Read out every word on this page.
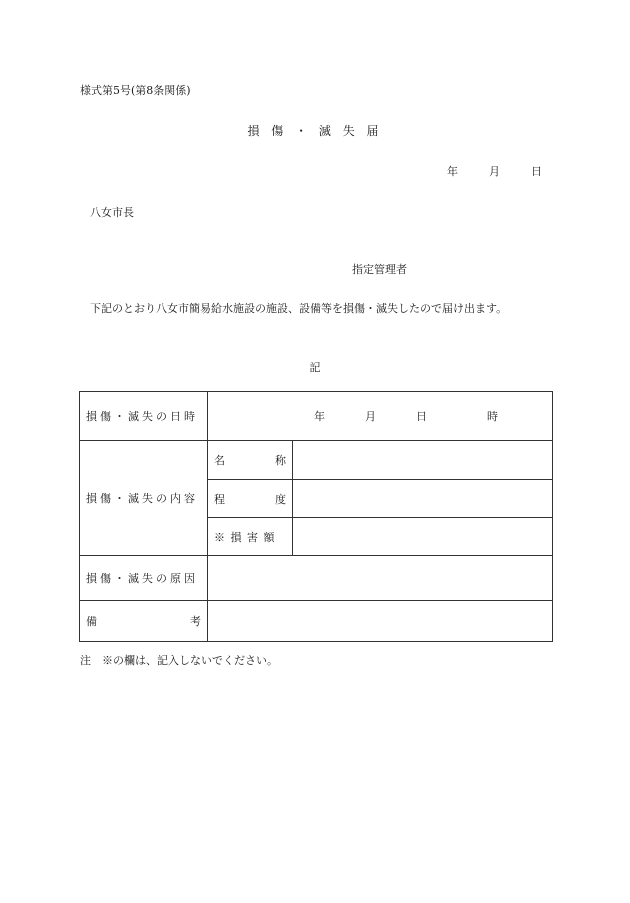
様式第5号(第8条関係)
損 傷 ・ 滅 失 届
年	月	日
八女市長
指定管理者
下記のとおり八女市簡易給水施設の施設、設備等を損傷・滅失したので届け出ます。
記
損傷・滅失の日時	年 月 日 時	

損傷・滅失の内容	名　称	

	程　度	

	※ 損 害 額	
損傷・滅失の原因		

備　考		

注　※の欄は、記入しないでください。
